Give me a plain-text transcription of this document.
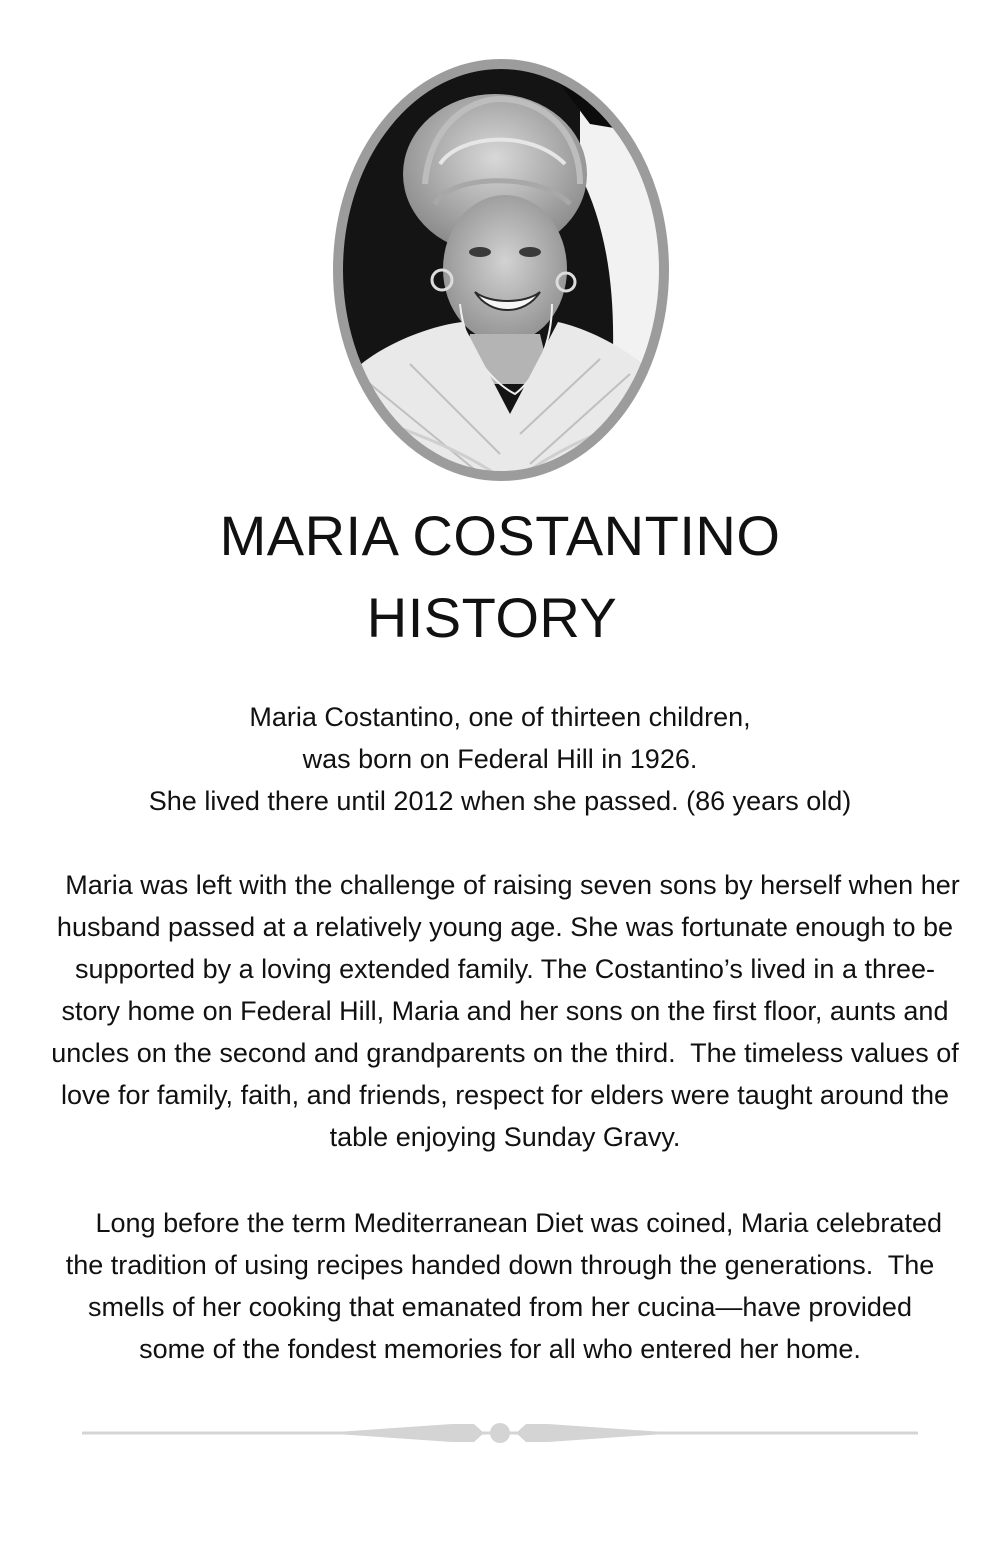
MARIA COSTANTINO
HISTORY
Maria Costantino, one of thirteen children,
was born on Federal Hill in 1926.
She lived there until 2012 when she passed. (86 years old)

Maria was left with the challenge of raising seven sons by herself when her husband passed at a relatively young age. She was fortunate enough to be supported by a loving extended family. The Costantino’s lived in a three-story home on Federal Hill, Maria and her sons on the first floor, aunts and uncles on the second and grandparents on the third.  The timeless values of love for family, faith, and friends, respect for elders were taught around the table enjoying Sunday Gravy.

Long before the term Mediterranean Diet was coined, Maria celebrated the tradition of using recipes handed down through the generations.  The smells of her cooking that emanated from her cucina—have provided some of the fondest memories for all who entered her home.
